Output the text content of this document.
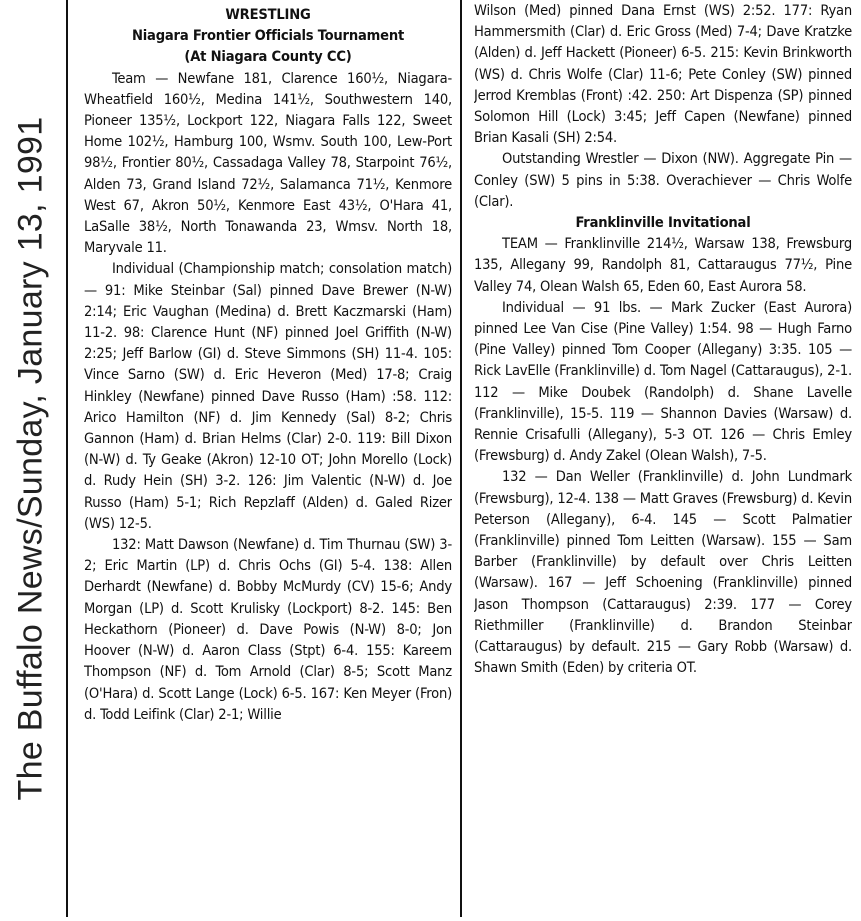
The Buffalo News/Sunday, January 13, 1991
WRESTLING
Niagara Frontier Officials Tournament
(At Niagara County CC)

Team — Newfane 181, Clarence 160½, Niagara-Wheatfield 160½, Medina 141½, Southwestern 140, Pioneer 135½, Lockport 122, Niagara Falls 122, Sweet Home 102½, Hamburg 100, Wsmv. South 100, Lew-Port 98½, Frontier 80½, Cassadaga Valley 78, Starpoint 76½, Alden 73, Grand Island 72½, Salamanca 71½, Kenmore West 67, Akron 50½, Kenmore East 43½, O'Hara 41, LaSalle 38½, North Tonawanda 23, Wmsv. North 18, Maryvale 11.

Individual (Championship match; consolation match) — 91: Mike Steinbar (Sal) pinned Dave Brewer (N-W) 2:14; Eric Vaughan (Medina) d. Brett Kaczmarski (Ham) 11-2. 98: Clarence Hunt (NF) pinned Joel Griffith (N-W) 2:25; Jeff Barlow (GI) d. Steve Simmons (SH) 11-4. 105: Vince Sarno (SW) d. Eric Heveron (Med) 17-8; Craig Hinkley (Newfane) pinned Dave Russo (Ham) :58. 112: Arico Hamilton (NF) d. Jim Kennedy (Sal) 8-2; Chris Gannon (Ham) d. Brian Helms (Clar) 2-0. 119: Bill Dixon (N-W) d. Ty Geake (Akron) 12-10 OT; John Morello (Lock) d. Rudy Hein (SH) 3-2. 126: Jim Valentic (N-W) d. Joe Russo (Ham) 5-1; Rich Repzlaff (Alden) d. Galed Rizer (WS) 12-5.

132: Matt Dawson (Newfane) d. Tim Thurnau (SW) 3-2; Eric Martin (LP) d. Chris Ochs (GI) 5-4. 138: Allen Derhardt (Newfane) d. Bobby McMurdy (CV) 15-6; Andy Morgan (LP) d. Scott Krulisky (Lockport) 8-2. 145: Ben Heckathorn (Pioneer) d. Dave Powis (N-W) 8-0; Jon Hoover (N-W) d. Aaron Class (Stpt) 6-4. 155: Kareem Thompson (NF) d. Tom Arnold (Clar) 8-5; Scott Manz (O'Hara) d. Scott Lange (Lock) 6-5. 167: Ken Meyer (Fron) d. Todd Leifink (Clar) 2-1; Willie

Wilson (Med) pinned Dana Ernst (WS) 2:52. 177: Ryan Hammersmith (Clar) d. Eric Gross (Med) 7-4; Dave Kratzke (Alden) d. Jeff Hackett (Pioneer) 6-5. 215: Kevin Brinkworth (WS) d. Chris Wolfe (Clar) 11-6; Pete Conley (SW) pinned Jerrod Kremblas (Front) :42. 250: Art Dispenza (SP) pinned Solomon Hill (Lock) 3:45; Jeff Capen (Newfane) pinned Brian Kasali (SH) 2:54.

Outstanding Wrestler — Dixon (NW). Aggregate Pin — Conley (SW) 5 pins in 5:38. Overachiever — Chris Wolfe (Clar).

Franklinville Invitational

TEAM — Franklinville 214½, Warsaw 138, Frewsburg 135, Allegany 99, Randolph 81, Cattaraugus 77½, Pine Valley 74, Olean Walsh 65, Eden 60, East Aurora 58.

Individual — 91 lbs. — Mark Zucker (East Aurora) pinned Lee Van Cise (Pine Valley) 1:54. 98 — Hugh Farno (Pine Valley) pinned Tom Cooper (Allegany) 3:35. 105 — Rick LavElle (Franklinville) d. Tom Nagel (Cattaraugus), 2-1. 112 — Mike Doubek (Randolph) d. Shane Lavelle (Franklinville), 15-5. 119 — Shannon Davies (Warsaw) d. Rennie Crisafulli (Allegany), 5-3 OT. 126 — Chris Emley (Frewsburg) d. Andy Zakel (Olean Walsh), 7-5.

132 — Dan Weller (Franklinville) d. John Lundmark (Frewsburg), 12-4. 138 — Matt Graves (Frewsburg) d. Kevin Peterson (Allegany), 6-4. 145 — Scott Palmatier (Franklinville) pinned Tom Leitten (Warsaw). 155 — Sam Barber (Franklinville) by default over Chris Leitten (Warsaw). 167 — Jeff Schoening (Franklinville) pinned Jason Thompson (Cattaraugus) 2:39. 177 — Corey Riethmiller (Franklinville) d. Brandon Steinbar (Cattaraugus) by default. 215 — Gary Robb (Warsaw) d. Shawn Smith (Eden) by criteria OT.
